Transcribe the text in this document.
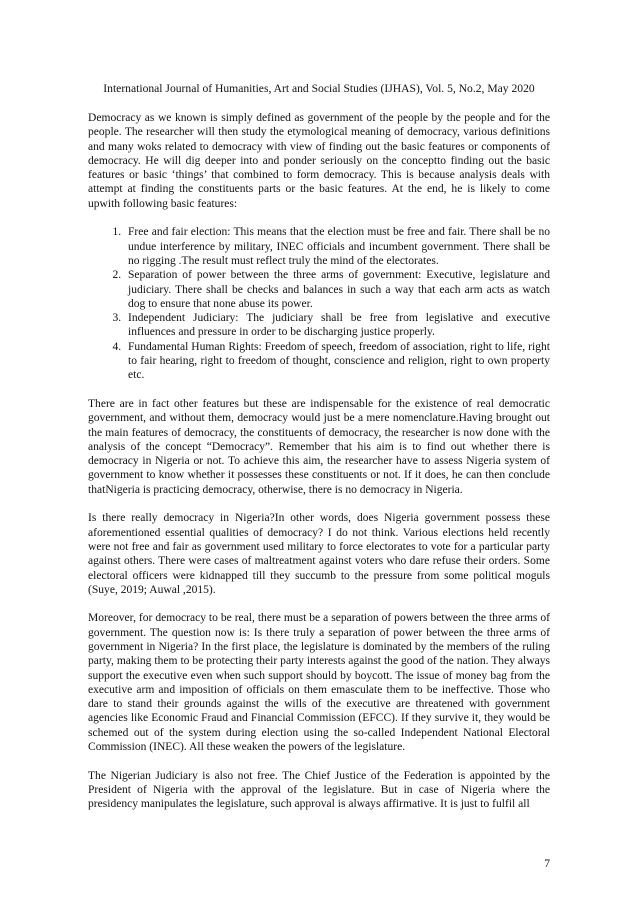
International Journal of Humanities, Art and Social Studies (IJHAS), Vol. 5, No.2, May 2020

Democracy as we known is simply defined as government of the people by the people and for the people. The researcher will then study the etymological meaning of democracy, various definitions and many woks related to democracy with view of finding out the basic features or components of democracy. He will dig deeper into and ponder seriously on the conceptto finding out the basic features or basic ‘things’ that combined to form democracy. This is because analysis deals with attempt at finding the constituents parts or the basic features. At the end, he is likely to come upwith following basic features:

1. Free and fair election: This means that the election must be free and fair. There shall be no undue interference by military, INEC officials and incumbent government. There shall be no rigging .The result must reflect truly the mind of the electorates.
2. Separation of power between the three arms of government: Executive, legislature and judiciary. There shall be checks and balances in such a way that each arm acts as watch dog to ensure that none abuse its power.
3. Independent Judiciary: The judiciary shall be free from legislative and executive influences and pressure in order to be discharging justice properly.
4. Fundamental Human Rights: Freedom of speech, freedom of association, right to life, right to fair hearing, right to freedom of thought, conscience and religion, right to own property etc.

There are in fact other features but these are indispensable for the existence of real democratic government, and without them, democracy would just be a mere nomenclature.Having brought out the main features of democracy, the constituents of democracy, the researcher is now done with the analysis of the concept “Democracy”. Remember that his aim is to find out whether there is democracy in Nigeria or not. To achieve this aim, the researcher have to assess Nigeria system of government to know whether it possesses these constituents or not. If it does, he can then conclude thatNigeria is practicing democracy, otherwise, there is no democracy in Nigeria.

Is there really democracy in Nigeria?In other words, does Nigeria government possess these aforementioned essential qualities of democracy? I do not think. Various elections held recently were not free and fair as government used military to force electorates to vote for a particular party against others. There were cases of maltreatment against voters who dare refuse their orders. Some electoral officers were kidnapped till they succumb to the pressure from some political moguls (Suye, 2019; Auwal ,2015).

Moreover, for democracy to be real, there must be a separation of powers between the three arms of government. The question now is: Is there truly a separation of power between the three arms of government in Nigeria? In the first place, the legislature is dominated by the members of the ruling party, making them to be protecting their party interests against the good of the nation. They always support the executive even when such support should by boycott. The issue of money bag from the executive arm and imposition of officials on them emasculate them to be ineffective. Those who dare to stand their grounds against the wills of the executive are threatened with government agencies like Economic Fraud and Financial Commission (EFCC). If they survive it, they would be schemed out of the system during election using the so-called Independent National Electoral Commission (INEC). All these weaken the powers of the legislature.

The Nigerian Judiciary is also not free. The Chief Justice of the Federation is appointed by the President of Nigeria with the approval of the legislature. But in case of Nigeria where the presidency manipulates the legislature, such approval is always affirmative. It is just to fulfil all

7
